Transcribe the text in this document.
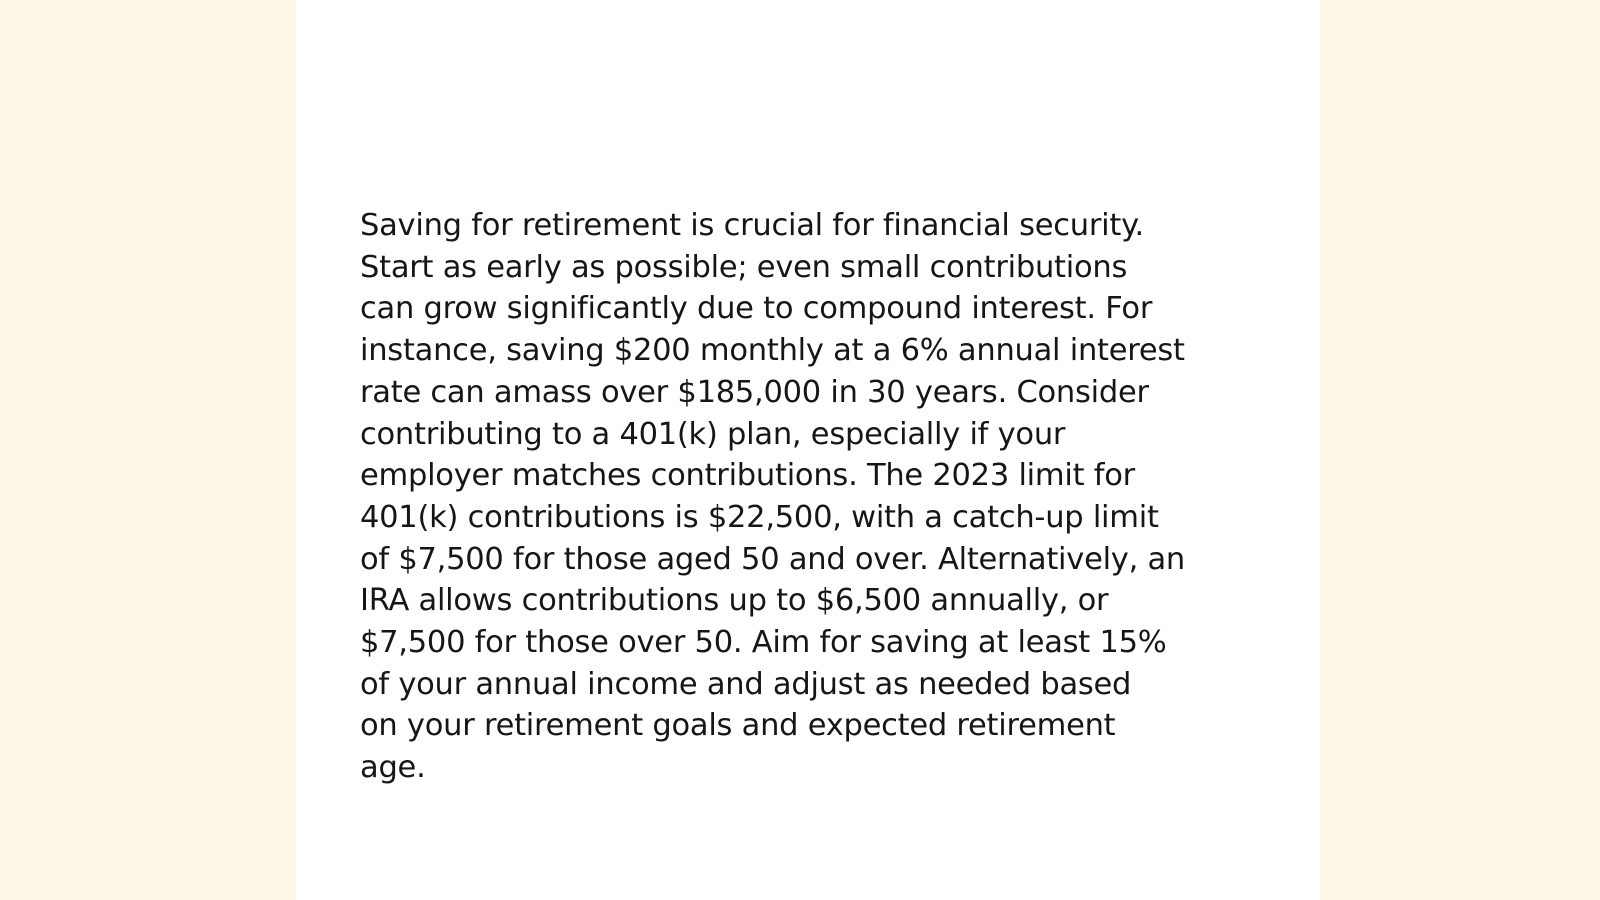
Saving for retirement is crucial for financial security.
Start as early as possible; even small contributions
can grow significantly due to compound interest. For
instance, saving $200 monthly at a 6% annual interest
rate can amass over $185,000 in 30 years. Consider
contributing to a 401(k) plan, especially if your
employer matches contributions. The 2023 limit for
401(k) contributions is $22,500, with a catch-up limit
of $7,500 for those aged 50 and over. Alternatively, an
IRA allows contributions up to $6,500 annually, or
$7,500 for those over 50. Aim for saving at least 15%
of your annual income and adjust as needed based
on your retirement goals and expected retirement
age.
